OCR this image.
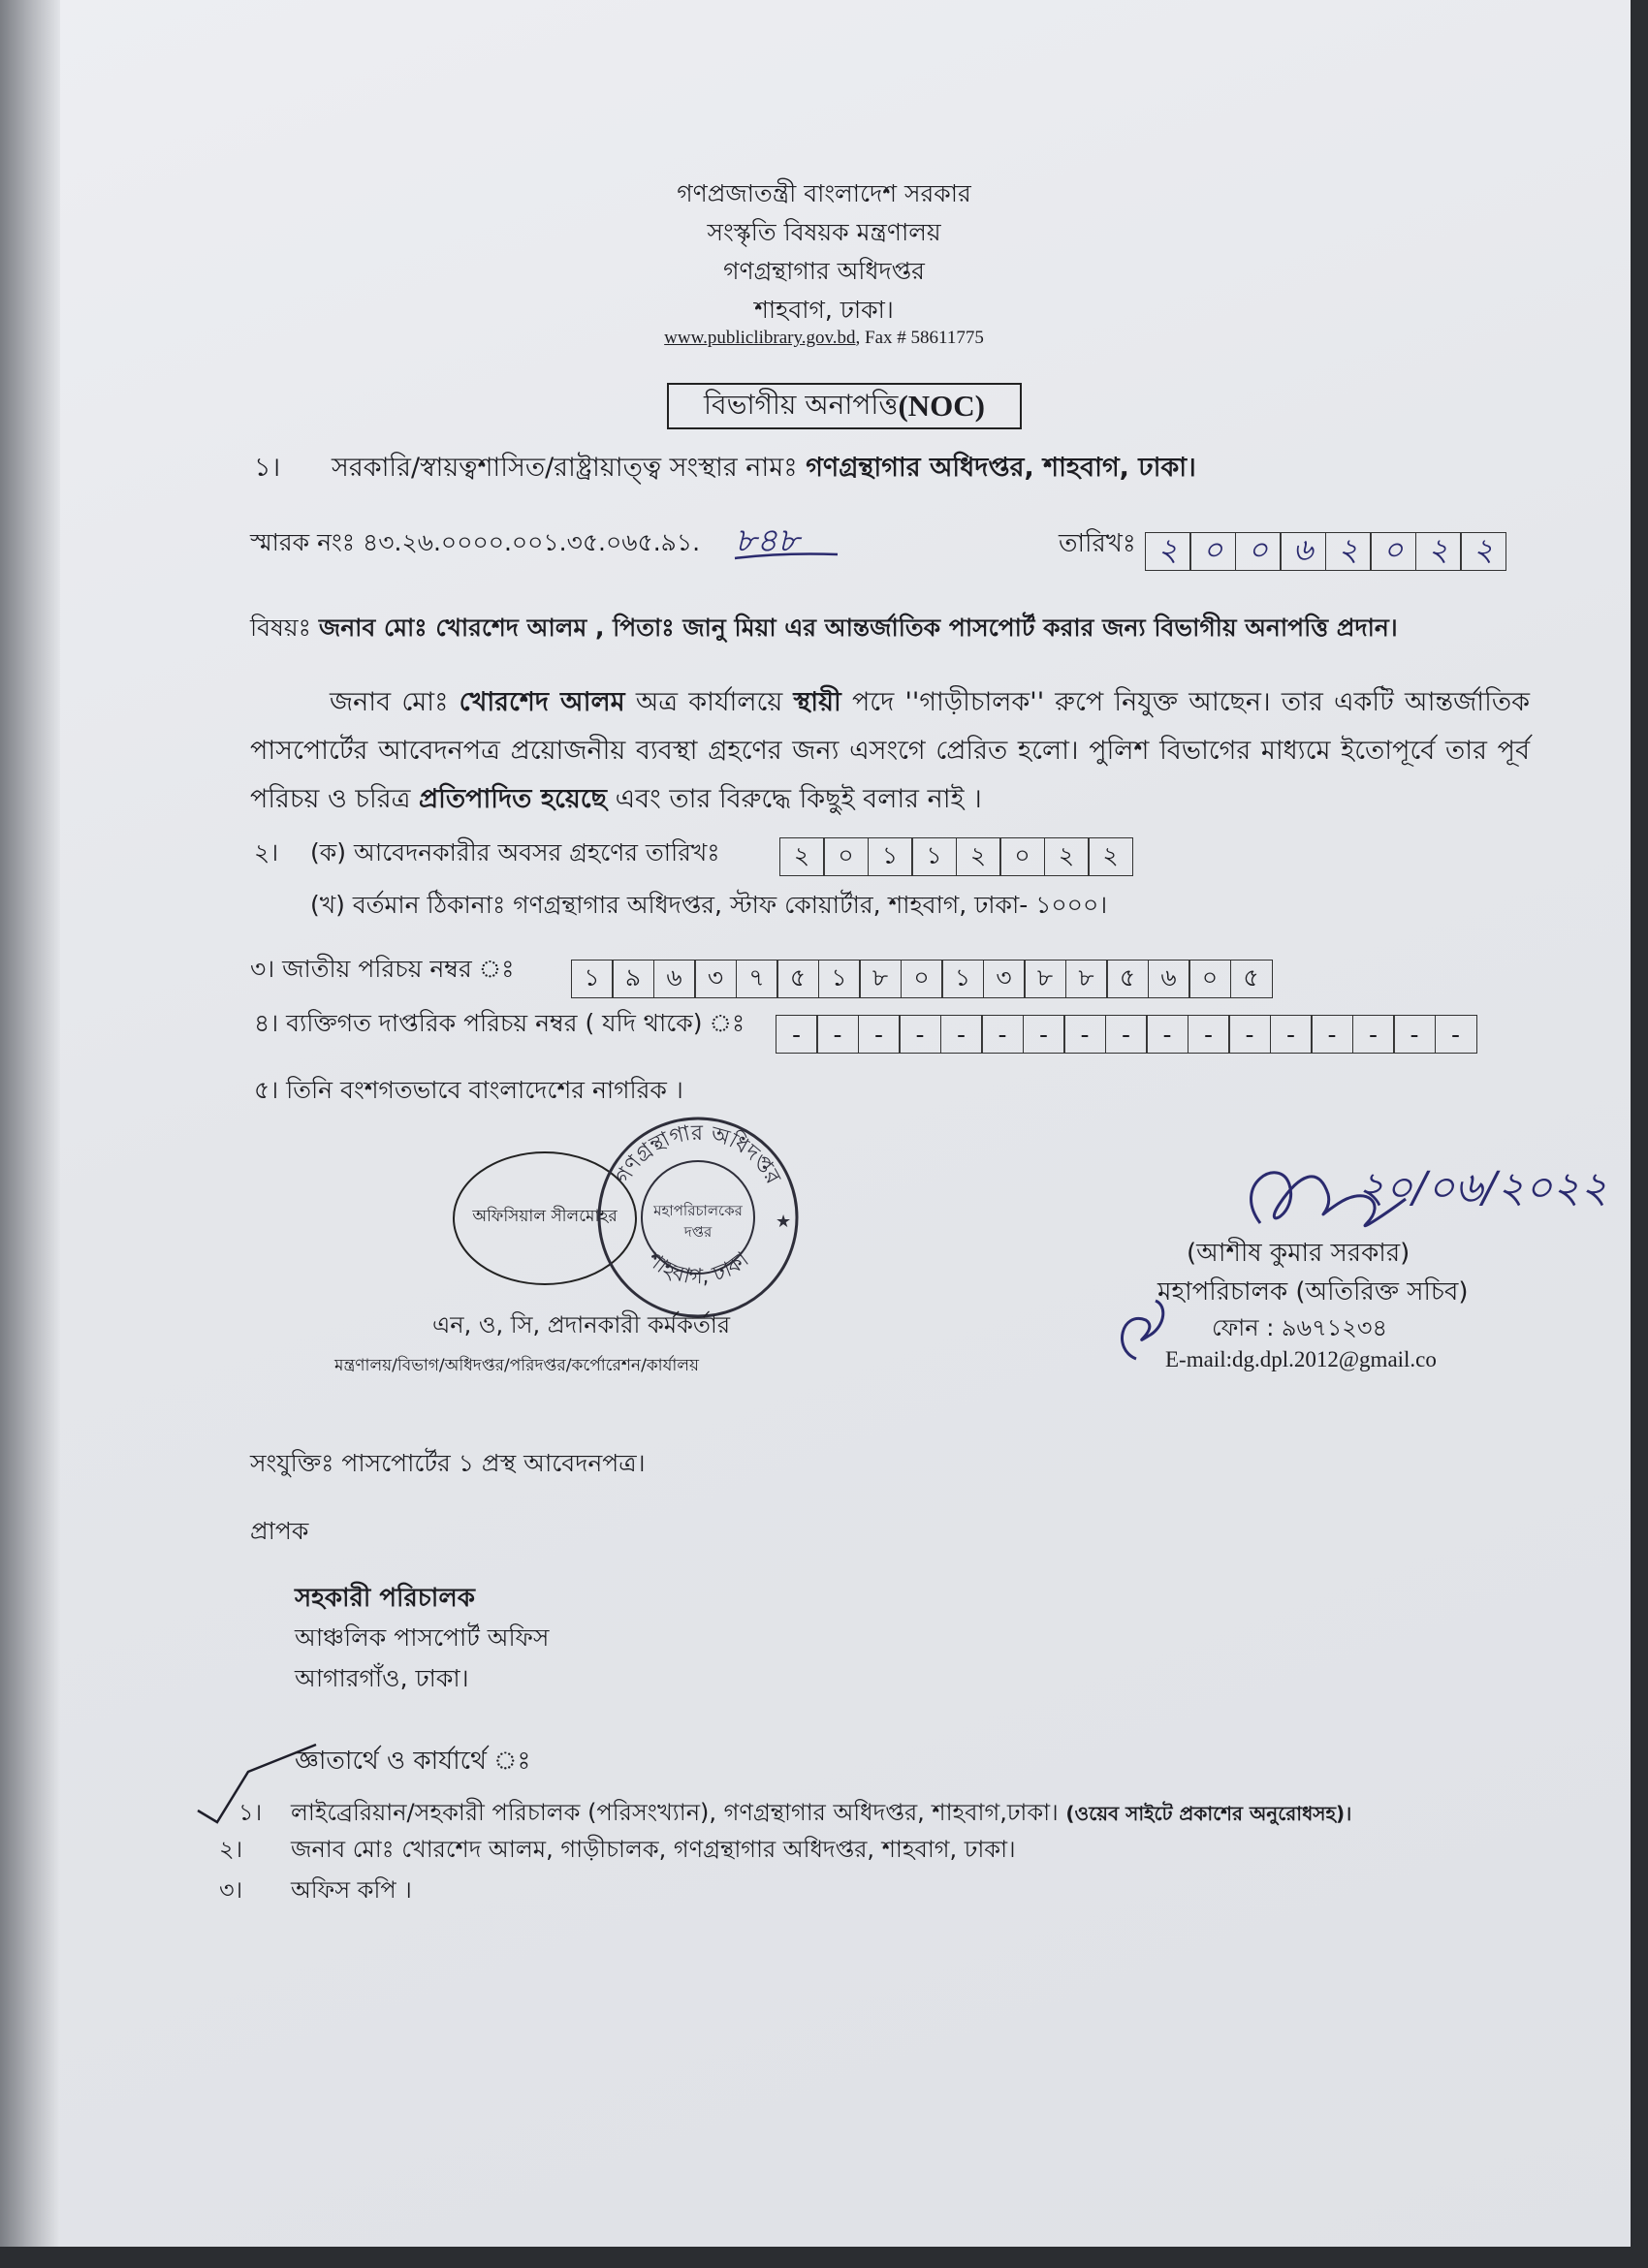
গণপ্রজাতন্ত্রী বাংলাদেশ সরকার
সংস্কৃতি বিষয়ক মন্ত্রণালয়
গণগ্রন্থাগার অধিদপ্তর
শাহবাগ, ঢাকা।
www.publiclibrary.gov.bd, Fax # 58611775
বিভাগীয় অনাপত্তি (NOC)
১। সরকারি/স্বায়ত্বশাসিত/রাষ্ট্রায়াত্ত্ব সংস্থার নামঃ গণগ্রন্থাগার অধিদপ্তর, শাহবাগ, ঢাকা।
স্মারক নংঃ ৪৩.২৬.০০০০.০০১.৩৫.০৬৫.৯১. ৮৪৮	তারিখঃ ২ ০ ০ ৬ ২ ০ ২ ২
বিষয়ঃ জনাব মোঃ খোরশেদ আলম , পিতাঃ জানু মিয়া এর আন্তর্জাতিক পাসপোর্ট করার জন্য বিভাগীয় অনাপত্তি প্রদান।
জনাব মোঃ খোরশেদ আলম অত্র কার্যালয়ে স্থায়ী পদে ''গাড়ীচালক'' রুপে নিযুক্ত আছেন। তার একটি আন্তর্জাতিক পাসপোর্টের আবেদনপত্র প্রয়োজনীয় ব্যবস্থা গ্রহণের জন্য এসংগে প্রেরিত হলো। পুলিশ বিভাগের মাধ্যমে ইতোপূর্বে তার পূর্ব পরিচয় ও চরিত্র প্রতিপাদিত হয়েছে এবং তার বিরুদ্ধে কিছুই বলার নাই ।
২। (ক) আবেদনকারীর অবসর গ্রহণের তারিখঃ	২	০	১	১	২	০	২	২
(খ) বর্তমান ঠিকানাঃ গণগ্রন্থাগার অধিদপ্তর, স্টাফ কোয়ার্টার, শাহবাগ, ঢাকা- ১০০০।
৩। জাতীয় পরিচয় নম্বর ঃ	১	৯	৬	৩	৭	৫	১	৮	০	১	৩	৮	৮	৫	৬	০	৫
৪। ব্যক্তিগত দাপ্তরিক পরিচয় নম্বর ( যদি থাকে) ঃ	-	-	-	-	-	-	-	-	-	-	-	-	-	-	-	-	-
৫। তিনি বংশগতভাবে বাংলাদেশের নাগরিক ।
অফিসিয়াল সীলমোহর
গণগ্রন্থাগার অধিদপ্তর
শাহবাগ, ঢাকা
মহাপরিচালকের
দপ্তর	★
এন, ও, সি, প্রদানকারী কর্মকর্তার
মন্ত্রণালয়/বিভাগ/অধিদপ্তর/পরিদপ্তর/কর্পোরেশন/কার্যালয়
২০/০৬/২০২২
(আশীষ কুমার সরকার)
মহাপরিচালক (অতিরিক্ত সচিব)
ফোন : ৯৬৭১২৩৪
E-mail:dg.dpl.2012@gmail.co
সংযুক্তিঃ পাসপোর্টের ১ প্রস্থ আবেদনপত্র।
প্রাপক
সহকারী পরিচালক
আঞ্চলিক পাসপোর্ট অফিস
আগারগাঁও, ঢাকা।
জ্ঞাতার্থে ও কার্যার্থে ঃ
১। লাইব্রেরিয়ান/সহকারী পরিচালক (পরিসংখ্যান), গণগ্রন্থাগার অধিদপ্তর, শাহবাগ,ঢাকা। (ওয়েব সাইটে প্রকাশের অনুরোধসহ)।
২। জনাব মোঃ খোরশেদ আলম, গাড়ীচালক, গণগ্রন্থাগার অধিদপ্তর, শাহবাগ, ঢাকা।
৩। অফিস কপি ।
